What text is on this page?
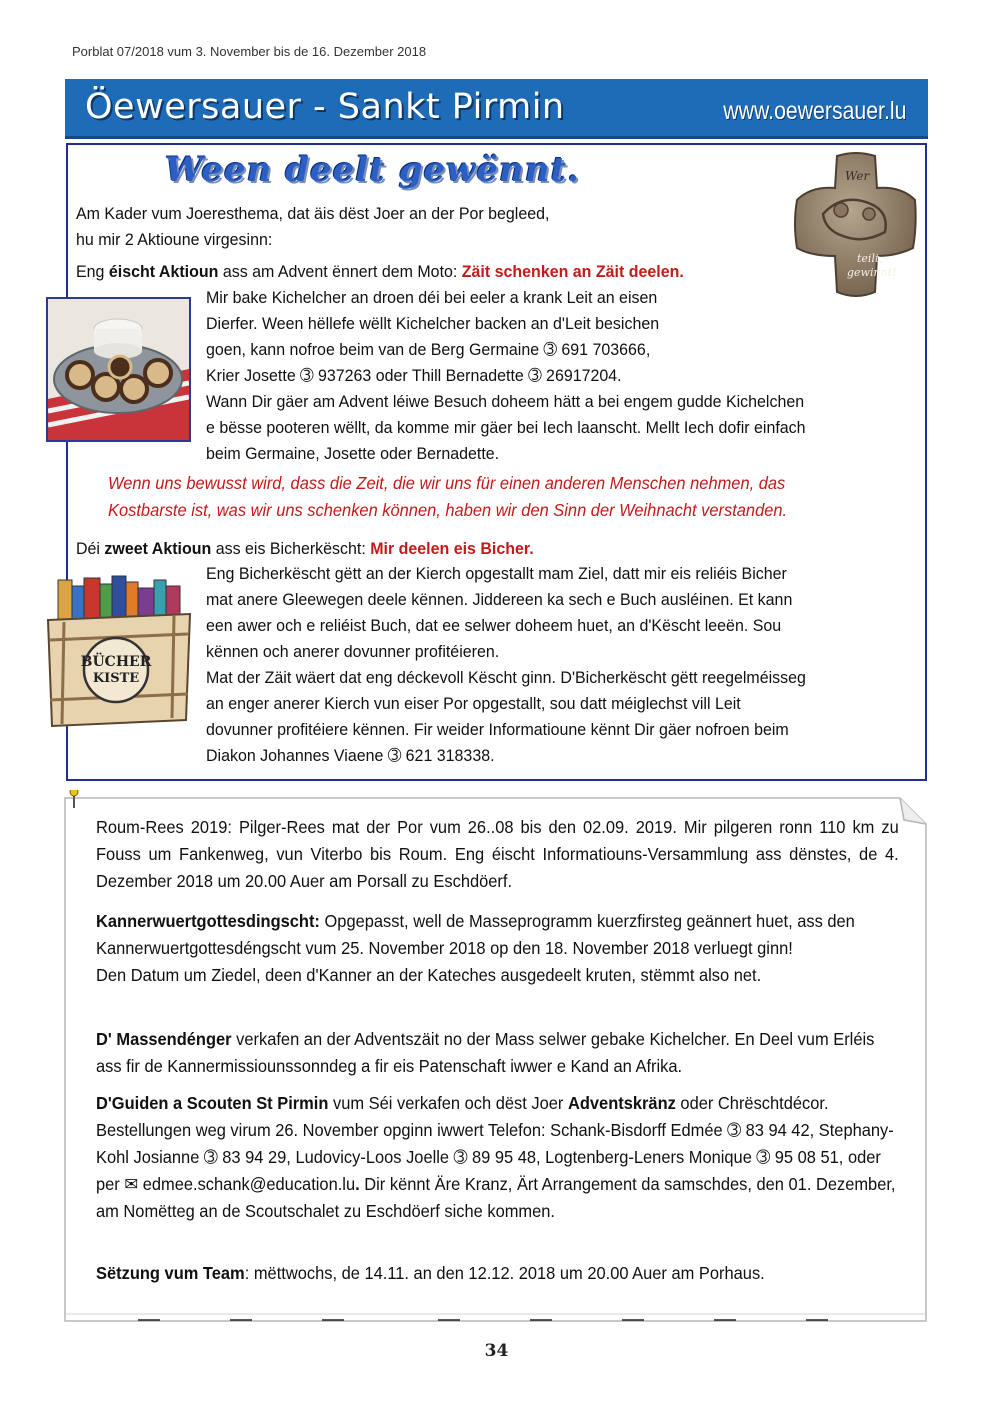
Porblat 07/2018 vum 3. November bis de 16. Dezember 2018
Öewersauer - Sankt Pirmin	www.oewersauer.lu
Ween deelt gewënnt.	Wer
teilt,
gewinnt!
Am Kader vum Joeresthema, dat äis dëst Joer an der Por begleed,
hu mir 2 Aktioune virgesinn:
Eng éischt Aktioun ass am Advent ënnert dem Moto: Zäit schenken an Zäit deelen.
Mir bake Kichelcher an droen déi bei eeler a krank Leit an eisen
Dierfer. Ween hëllefe wëllt Kichelcher backen an d'Leit besichen
goen, kann nofroe beim van de Berg Germaine ➂ 691 703666,
Krier Josette ➂ 937263 oder Thill Bernadette ➂ 26917204.
Wann Dir gäer am Advent léiwe Besuch doheem hätt a bei engem gudde Kichelchen
e bësse pooteren wëllt, da komme mir gäer bei Iech laanscht. Mellt Iech dofir einfach
beim Germaine, Josette oder Bernadette.
Wenn uns bewusst wird, dass die Zeit, die wir uns für einen anderen Menschen nehmen, das
Kostbarste ist, was wir uns schenken können, haben wir den Sinn der Weihnacht verstanden.
Déi zweet Aktioun ass eis Bicherkëscht: Mir deelen eis Bicher.
BÜCHER
KISTE
Eng Bicherkëscht gëtt an der Kierch opgestallt mam Ziel, datt mir eis reliéis Bicher
mat anere Gleewegen deele kënnen. Jiddereen ka sech e Buch ausléinen. Et kann
een awer och e reliéist Buch, dat ee selwer doheem huet, an d'Këscht leeën. Sou
kënnen och anerer dovunner profitéieren.
Mat der Zäit wäert dat eng déckevoll Këscht ginn. D'Bicherkëscht gëtt reegelméisseg
an enger anerer Kierch vun eiser Por opgestallt, sou datt méiglechst vill Leit
dovunner profitéiere kënnen. Fir weider Informatioune kënnt Dir gäer nofroen beim
Diakon Johannes Viaene ➂ 621 318338.
Roum-Rees 2019: Pilger-Rees mat der Por vum 26..08 bis den 02.09. 2019. Mir pilgeren ronn 110 km zu Fouss um Fankenweg, vun Viterbo bis Roum. Eng éischt Informatiouns-Versammlung ass dënstes, de 4. Dezember 2018 um 20.00 Auer am Porsall zu Eschdöerf.
Kannerwuertgottesdingscht: Opgepasst, well de Masseprogramm kuerzfirsteg geännert huet, ass den Kannerwuertgottesdéngscht vum 25. November 2018 op den 18. November 2018 verluegt ginn!
Den Datum um Ziedel, deen d'Kanner an der Kateches ausgedeelt kruten, stëmmt also net.
D' Massendénger verkafen an der Adventszäit no der Mass selwer gebake Kichelcher. En Deel vum Erléis ass fir de Kannermissiounssonndeg a fir eis Patenschaft iwwer e Kand an Afrika.
D'Guiden a Scouten St Pirmin vum Séi verkafen och dëst Joer Adventskränz oder Chrëschtdécor. Bestellungen weg virum 26. November opginn iwwert Telefon: Schank-Bisdorff Edmée ➂ 83 94 42, Stephany-Kohl Josianne ➂ 83 94 29, Ludovicy-Loos Joelle ➂ 89 95 48, Logtenberg-Leners Monique ➂ 95 08 51, oder per ✉ edmee.schank@education.lu. Dir kënnt Äre Kranz, Ärt Arrangement da samschdes, den 01. Dezember, am Nomëtteg an de Scoutschalet zu Eschdöerf siche kommen.
Sëtzung vum Team: mëttwochs, de 14.11. an den 12.12. 2018 um 20.00 Auer am Porhaus.
34
